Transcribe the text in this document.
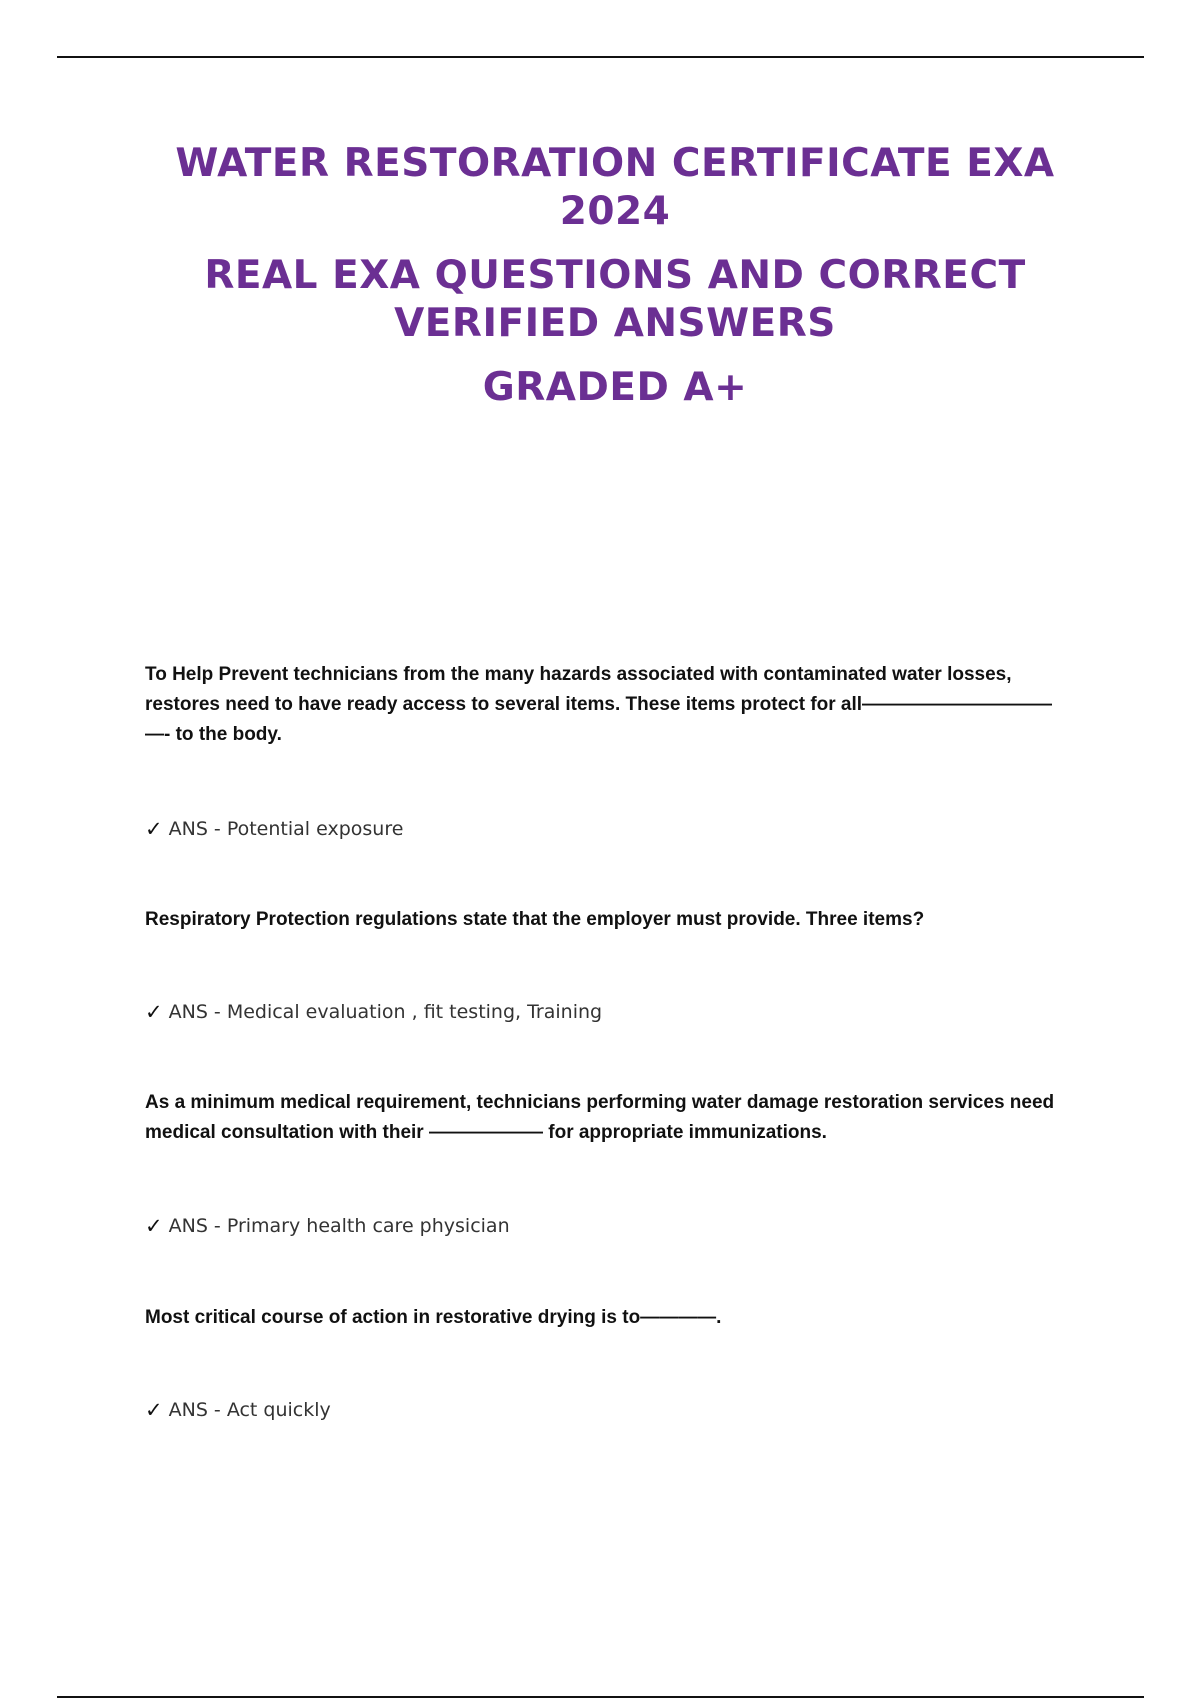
WATER RESTORATION CERTIFICATE EXA

2024

REAL EXA QUESTIONS AND CORRECT

VERIFIED ANSWERS

GRADED A+

To Help Prevent technicians from the many hazards associated with contaminated water losses, restores need to have ready access to several items. These items protect for all—————————— —- to the body.

✓ ANS - Potential exposure

Respiratory Protection regulations state that the employer must provide. Three items?

✓ ANS - Medical evaluation , fit testing, Training

As a minimum medical requirement, technicians performing water damage restoration services need medical consultation with their —————— for appropriate immunizations.

✓ ANS - Primary health care physician

Most critical course of action in restorative drying is to————.

✓ ANS - Act quickly
